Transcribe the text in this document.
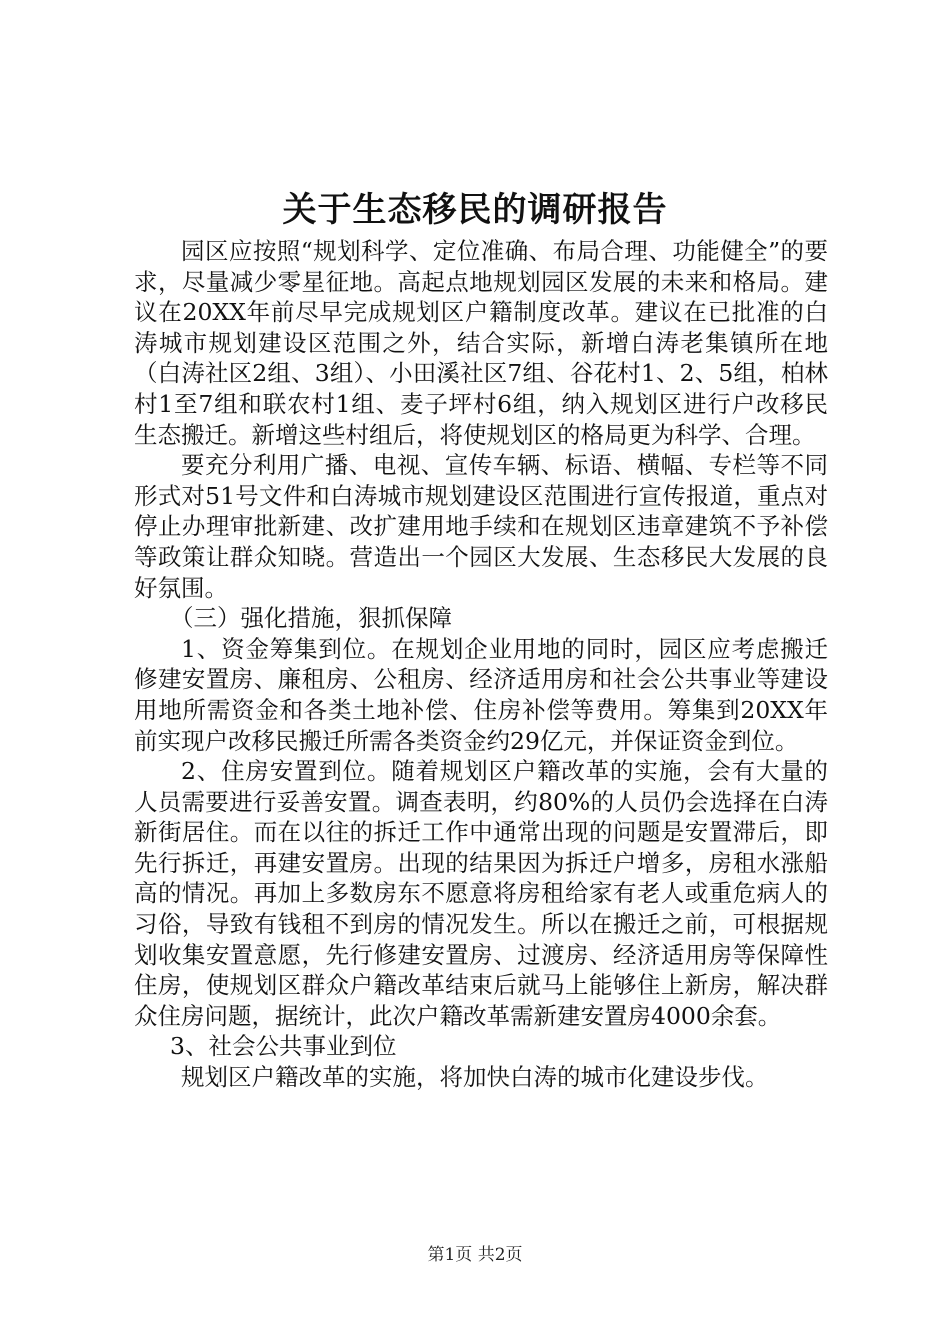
关于生态移民的调研报告

园区应按照“规划科学、定位准确、布局合理、功能健全”的要求，尽量减少零星征地。高起点地规划园区发展的未来和格局。建议在20XX年前尽早完成规划区户籍制度改革。建议在已批准的白涛城市规划建设区范围之外，结合实际，新增白涛老集镇所在地（白涛社区2组、3组）、小田溪社区7组、谷花村1、2、5组，柏林村1至7组和联农村1组、麦子坪村6组，纳入规划区进行户改移民生态搬迁。新增这些村组后，将使规划区的格局更为科学、合理。

要充分利用广播、电视、宣传车辆、标语、横幅、专栏等不同形式对51号文件和白涛城市规划建设区范围进行宣传报道，重点对停止办理审批新建、改扩建用地手续和在规划区违章建筑不予补偿等政策让群众知晓。营造出一个园区大发展、生态移民大发展的良好氛围。

（三）强化措施，狠抓保障

1、资金筹集到位。在规划企业用地的同时，园区应考虑搬迁修建安置房、廉租房、公租房、经济适用房和社会公共事业等建设用地所需资金和各类土地补偿、住房补偿等费用。筹集到20XX年前实现户改移民搬迁所需各类资金约29亿元，并保证资金到位。

2、住房安置到位。随着规划区户籍改革的实施，会有大量的人员需要进行妥善安置。调查表明，约80%的人员仍会选择在白涛新街居住。而在以往的拆迁工作中通常出现的问题是安置滞后，即先行拆迁，再建安置房。出现的结果因为拆迁户增多，房租水涨船高的情况。再加上多数房东不愿意将房租给家有老人或重危病人的习俗，导致有钱租不到房的情况发生。所以在搬迁之前，可根据规划收集安置意愿，先行修建安置房、过渡房、经济适用房等保障性住房，使规划区群众户籍改革结束后就马上能够住上新房，解决群众住房问题，据统计，此次户籍改革需新建安置房4000余套。

3、社会公共事业到位

规划区户籍改革的实施，将加快白涛的城市化建设步伐。

第1页 共2页
